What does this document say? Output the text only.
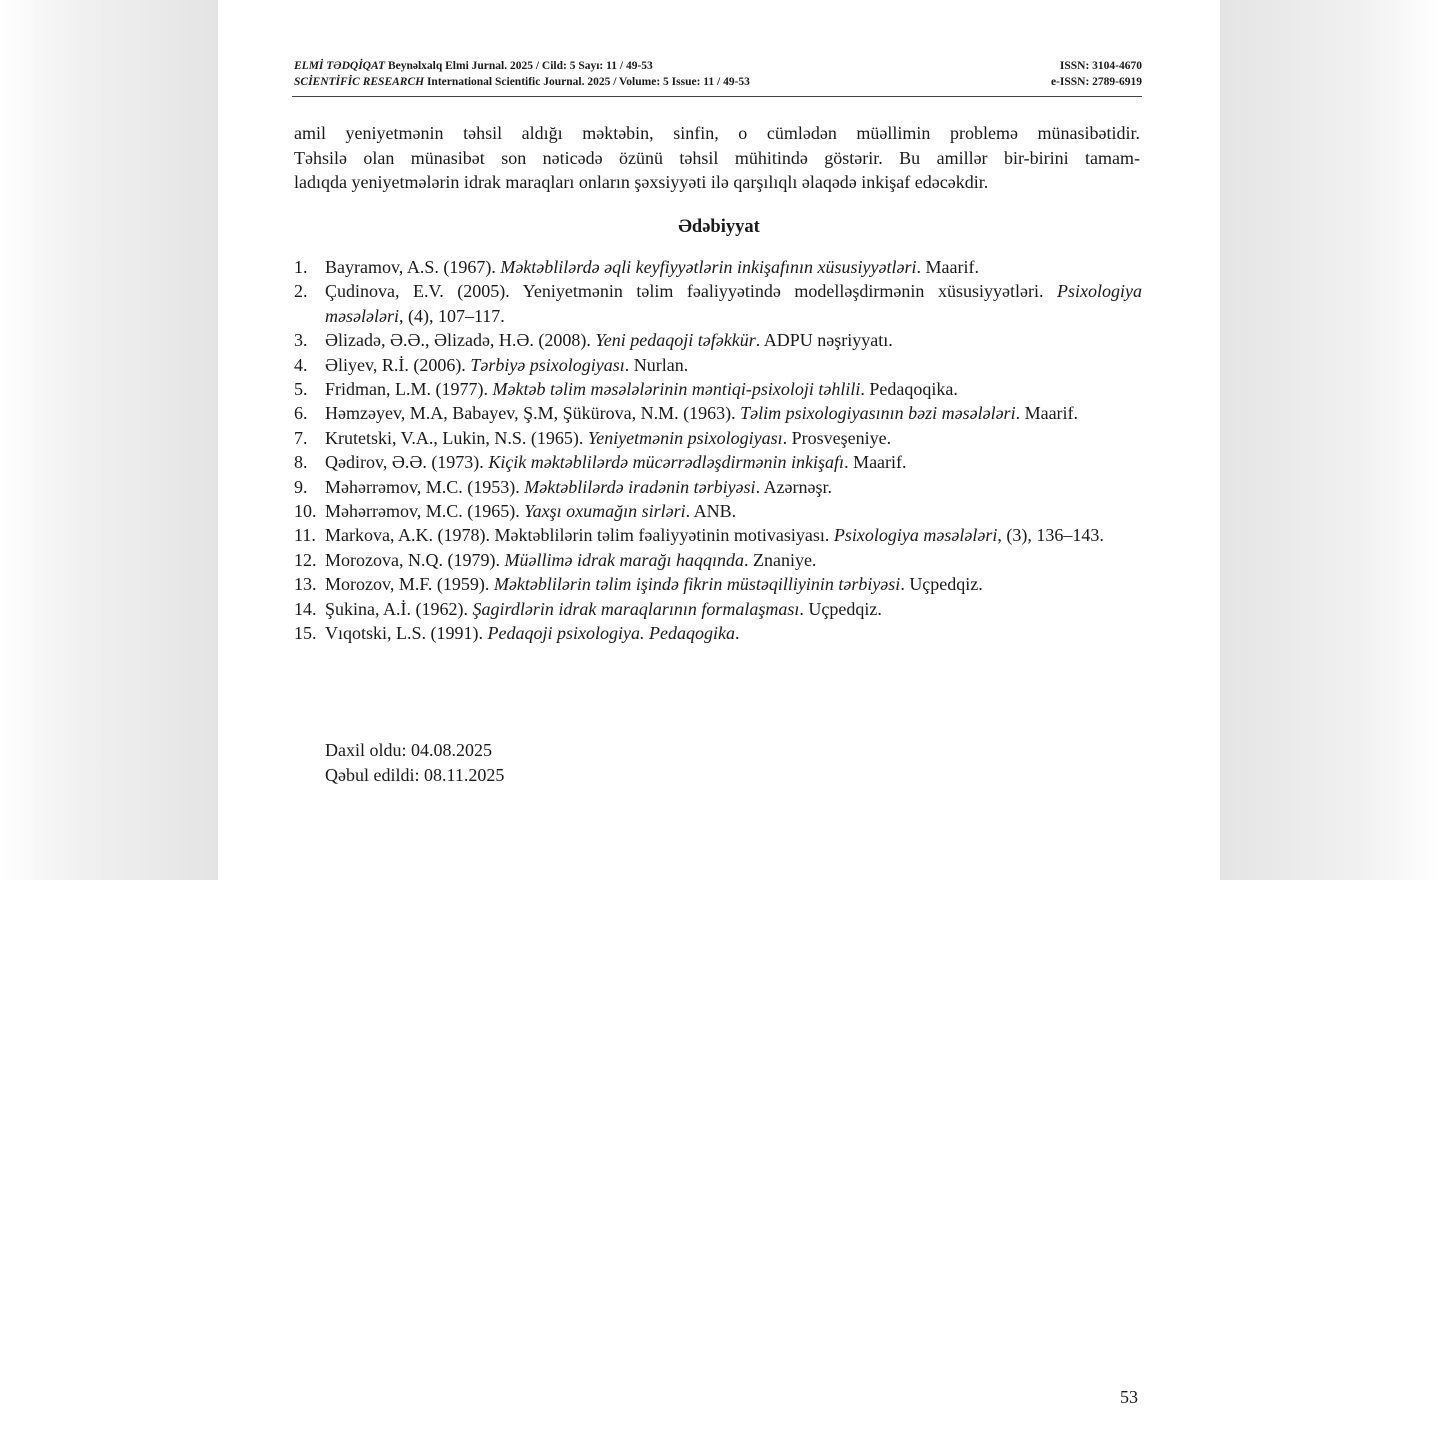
ELMİ TƏDQİQAT Beynəlxalq Elmi Jurnal. 2025 / Cild: 5 Sayı: 11 / 49-53	ISSN: 3104-4670
SCİENTİFİC RESEARCH International Scientific Journal. 2025 / Volume: 5 Issue: 11 / 49-53	e-ISSN: 2789-6919
amil yeniyetmənin təhsil aldığı məktəbin, sinfin, o cümlədən müəllimin problemə münasibətidir.
Təhsilə olan münasibət son nəticədə özünü təhsil mühitində göstərir. Bu amillər bir-birini tamam-
ladıqda yeniyetmələrin idrak maraqları onların şəxsiyyəti ilə qarşılıqlı əlaqədə inkişaf edəcəkdir.
Ədəbiyyat
1. Bayramov, A.S. (1967). Məktəblilərdə əqli keyfiyyətlərin inkişafının xüsusiyyətləri. Maarif.
2. Çudinova, E.V. (2005). Yeniyetmənin təlim fəaliyyətində modelləşdirmənin xüsusiyyətləri. Psixologiya məsələləri, (4), 107–117.
3. Əlizadə, Ə.Ə., Əlizadə, H.Ə. (2008). Yeni pedaqoji təfəkkür. ADPU nəşriyyatı.
4. Əliyev, R.İ. (2006). Tərbiyə psixologiyası. Nurlan.
5. Fridman, L.M. (1977). Məktəb təlim məsələlərinin məntiqi-psixoloji təhlili. Pedaqoqika.
6. Həmzəyev, M.A, Babayev, Ş.M, Şükürova, N.M. (1963). Təlim psixologiyasının bəzi məsələləri. Maarif.
7. Krutetski, V.A., Lukin, N.S. (1965). Yeniyetmənin psixologiyası. Prosveşeniye.
8. Qədirov, Ə.Ə. (1973). Kiçik məktəblilərdə mücərrədləşdirmənin inkişafı. Maarif.
9. Məhərrəmov, M.C. (1953). Məktəblilərdə iradənin tərbiyəsi. Azərnəşr.
10. Məhərrəmov, M.C. (1965). Yaxşı oxumağın sirləri. ANB.
11. Markova, A.K. (1978). Məktəblilərin təlim fəaliyyətinin motivasiyası. Psixologiya məsələləri, (3), 136–143.
12. Morozova, N.Q. (1979). Müəllimə idrak marağı haqqında. Znaniye.
13. Morozov, M.F. (1959). Məktəblilərin təlim işində fikrin müstəqilliyinin tərbiyəsi. Uçpedqiz.
14. Şukina, A.İ. (1962). Şagirdlərin idrak maraqlarının formalaşması. Uçpedqiz.
15. Vıqotski, L.S. (1991). Pedaqoji psixologiya. Pedaqogika.
Daxil oldu: 04.08.2025
Qəbul edildi: 08.11.2025
53
